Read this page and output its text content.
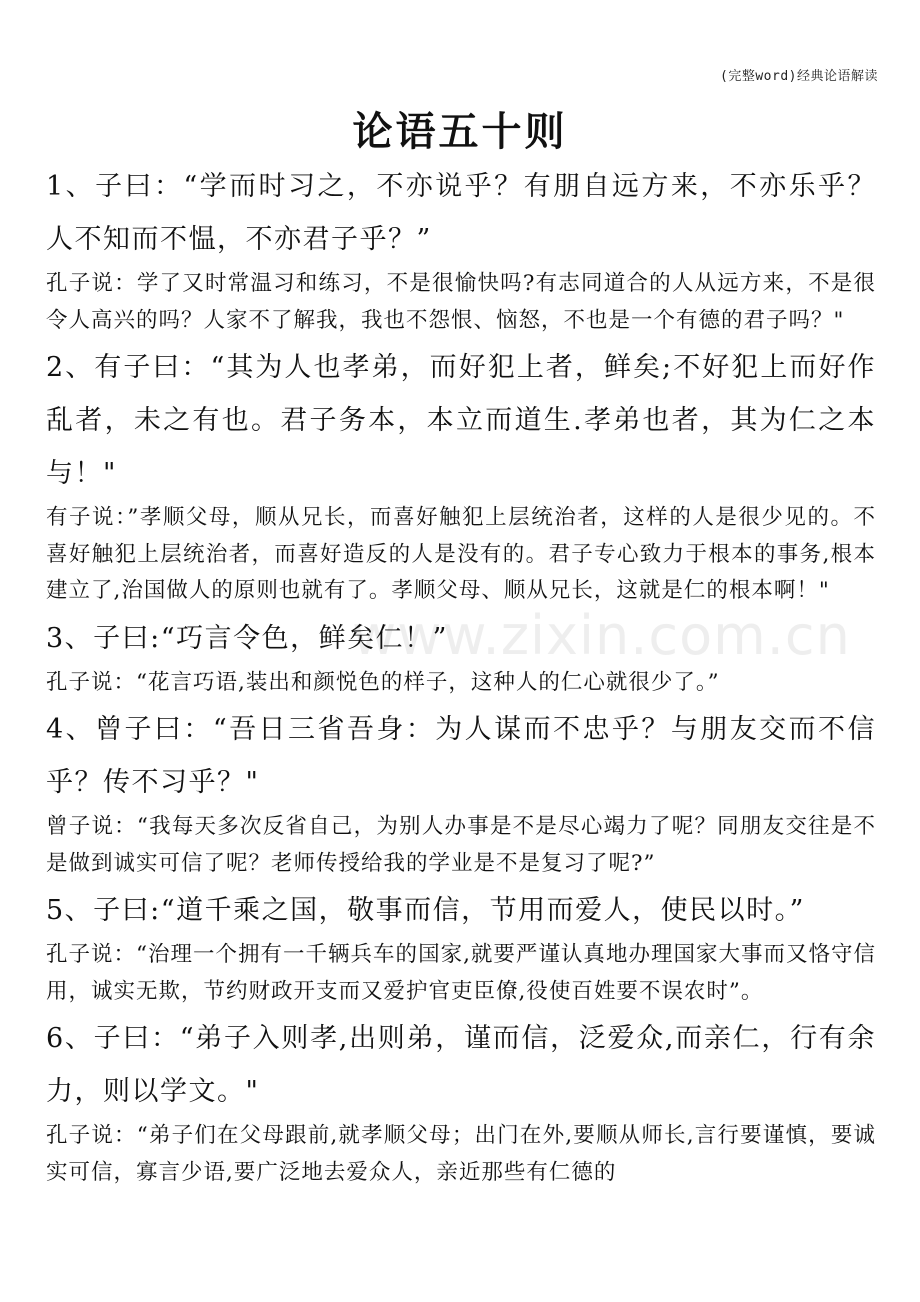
(完整word)经典论语解读
论语五十则
www.zixin.com.cn

1、子曰：“学而时习之，不亦说乎？有朋自远方来，不亦乐乎？人不知而不愠，不亦君子乎？”

孔子说：学了又时常温习和练习，不是很愉快吗?有志同道合的人从远方来，不是很令人高兴的吗？人家不了解我，我也不怨恨、恼怒，不也是一个有德的君子吗？"

2、有子曰：“其为人也孝弟，而好犯上者，鲜矣;不好犯上而好作乱者，未之有也。君子务本，本立而道生.孝弟也者，其为仁之本与！"

有子说：”孝顺父母，顺从兄长，而喜好触犯上层统治者，这样的人是很少见的。不喜好触犯上层统治者，而喜好造反的人是没有的。君子专心致力于根本的事务,根本建立了,治国做人的原则也就有了。孝顺父母、顺从兄长，这就是仁的根本啊！"

3、子曰:“巧言令色，鲜矣仁！”

孔子说：“花言巧语,装出和颜悦色的样子，这种人的仁心就很少了。”

4、曾子曰：“吾日三省吾身：为人谋而不忠乎？与朋友交而不信乎？传不习乎？"

曾子说：“我每天多次反省自己，为别人办事是不是尽心竭力了呢？同朋友交往是不是做到诚实可信了呢？老师传授给我的学业是不是复习了呢?”

5、子曰:“道千乘之国，敬事而信，节用而爱人，使民以时。”

孔子说：“治理一个拥有一千辆兵车的国家,就要严谨认真地办理国家大事而又恪守信用，诚实无欺，节约财政开支而又爱护官吏臣僚,役使百姓要不误农时”。

6、子曰：“弟子入则孝,出则弟，谨而信，泛爱众,而亲仁，行有余力，则以学文。"

孔子说：“弟子们在父母跟前,就孝顺父母；出门在外,要顺从师长,言行要谨慎，要诚实可信，寡言少语,要广泛地去爱众人，亲近那些有仁德的
